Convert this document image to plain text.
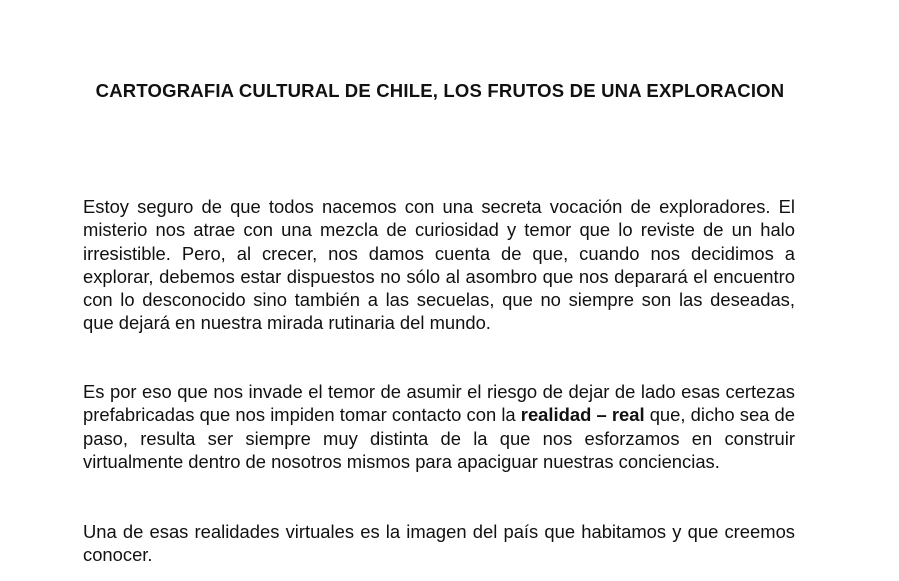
CARTOGRAFIA CULTURAL DE CHILE, LOS FRUTOS DE UNA EXPLORACION

Estoy seguro de que todos nacemos con una secreta vocación de exploradores. El misterio nos atrae con una mezcla de curiosidad y temor que lo reviste de un halo irresistible. Pero, al crecer, nos damos cuenta de que, cuando nos decidimos a explorar, debemos estar dispuestos no sólo al asombro que nos deparará el encuentro con lo desconocido sino también a las secuelas, que no siempre son las deseadas, que dejará en nuestra mirada rutinaria del mundo.

Es por eso que nos invade el temor de asumir el riesgo de dejar de lado esas certezas prefabricadas que nos impiden tomar contacto con la realidad – real que, dicho sea de paso, resulta ser siempre muy distinta de la que nos esforzamos en construir virtualmente dentro de nosotros mismos para apaciguar nuestras conciencias.

Una de esas realidades virtuales es la imagen del país que habitamos y que creemos conocer.
